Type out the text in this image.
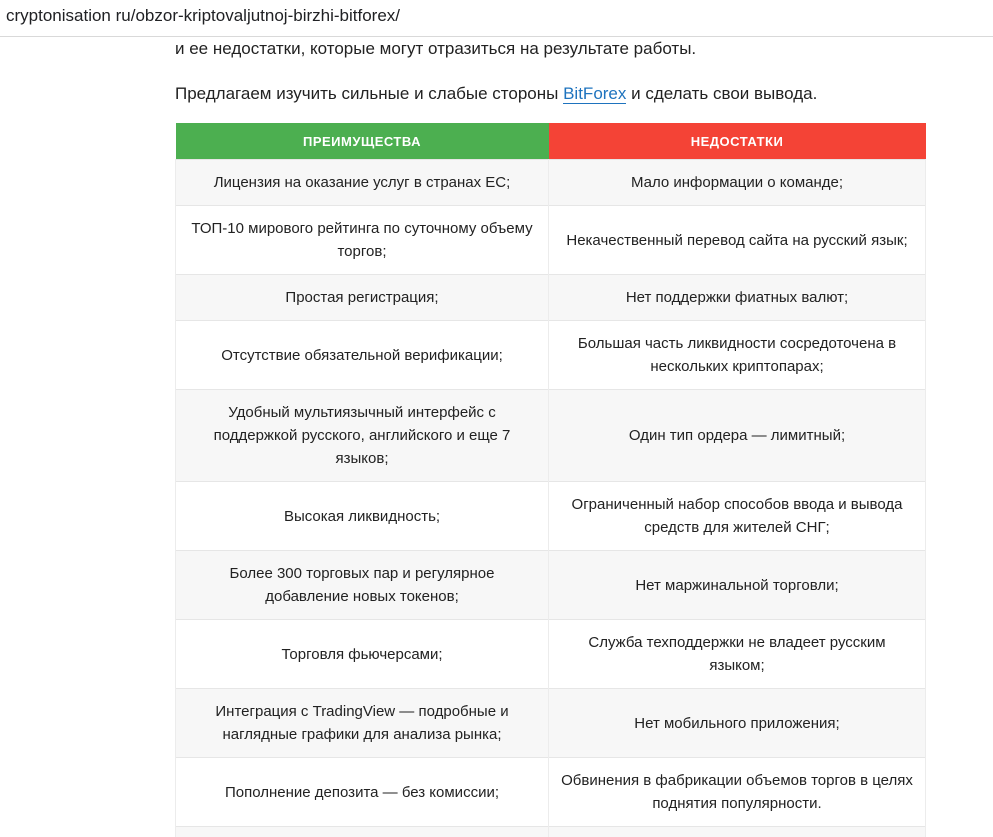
cryptonisation ru/obzor-kriptovaljutnoj-birzhi-bitforex/
и ее недостатки, которые могут отразиться на результате работы.
Предлагаем изучить сильные и слабые стороны BitForex и сделать свои вывода.
ПРЕИМУЩЕСТВА	НЕДОСТАТКИ
Лицензия на оказание услуг в странах ЕС;	Мало информации о команде;
ТОП-10 мирового рейтинга по суточному объему торгов;	Некачественный перевод сайта на русский язык;
Простая регистрация;	Нет поддержки фиатных валют;
Отсутствие обязательной верификации;	Большая часть ликвидности сосредоточена в нескольких криптопарах;
Удобный мультиязычный интерфейс с поддержкой русского, английского и еще 7 языков;	Один тип ордера — лимитный;
Высокая ликвидность;	Ограниченный набор способов ввода и вывода средств для жителей СНГ;
Более 300 торговых пар и регулярное добавление новых токенов;	Нет маржинальной торговли;
Торговля фьючерсами;	Служба техподдержки не владеет русским языком;
Интеграция с TradingView — подробные и наглядные графики для анализа рынка;	Нет мобильного приложения;
Пополнение депозита — без комиссии;	Обвинения в фабрикации объемов торгов в целях поднятия популярности.
